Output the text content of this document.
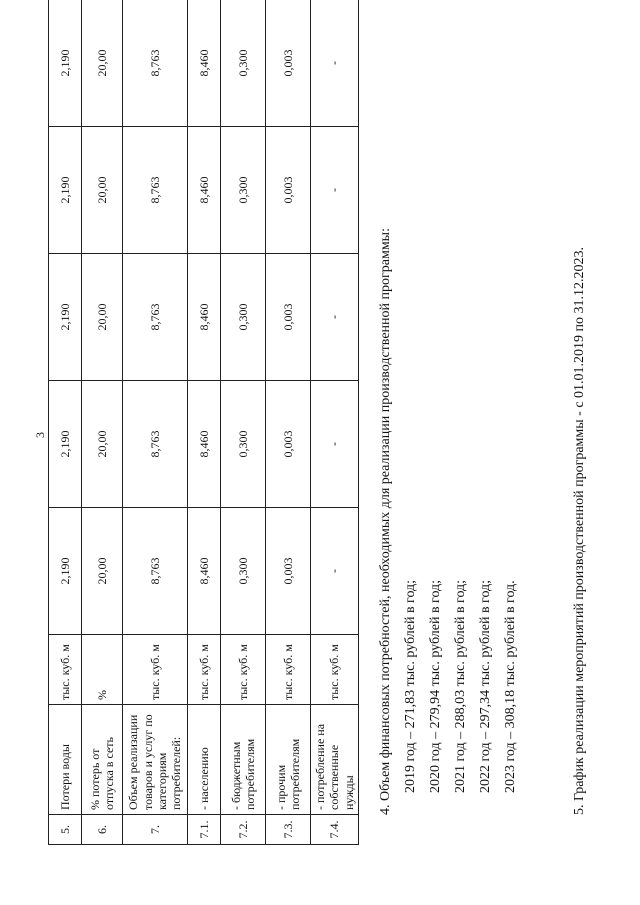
3
5.	Потери воды	тыс. куб. м	2,190	2,190	2,190	2,190	2,190
6.	% потерь от отпуска в сеть	%	20,00	20,00	20,00	20,00	20,00
7.	Объем реализации товаров и услуг по категориям потребителей:	тыс. куб. м	8,763	8,763	8,763	8,763	8,763
7.1.	- населению	тыс. куб. м	8,460	8,460	8,460	8,460	8,460
7.2.	- бюджетным потребителям	тыс. куб. м	0,300	0,300	0,300	0,300	0,300
7.3.	- прочим потребителям	тыс. куб. м	0,003	0,003	0,003	0,003	0,003
7.4.	- потребление на собственные нужды	тыс. куб. м	-	-	-	-	-
4. Объем финансовых потребностей, необходимых для реализации производственной программы: 2019 год – 271,83 тыс. рублей в год; 2020 год – 279,94 тыс. рублей в год; 2021 год – 288,03 тыс. рублей в год; 2022 год – 297,34 тыс. рублей в год; 2023 год – 308,18 тыс. рублей в год.	5. График реализации мероприятий производственной программы - с 01.01.2019 по 31.12.2023.
